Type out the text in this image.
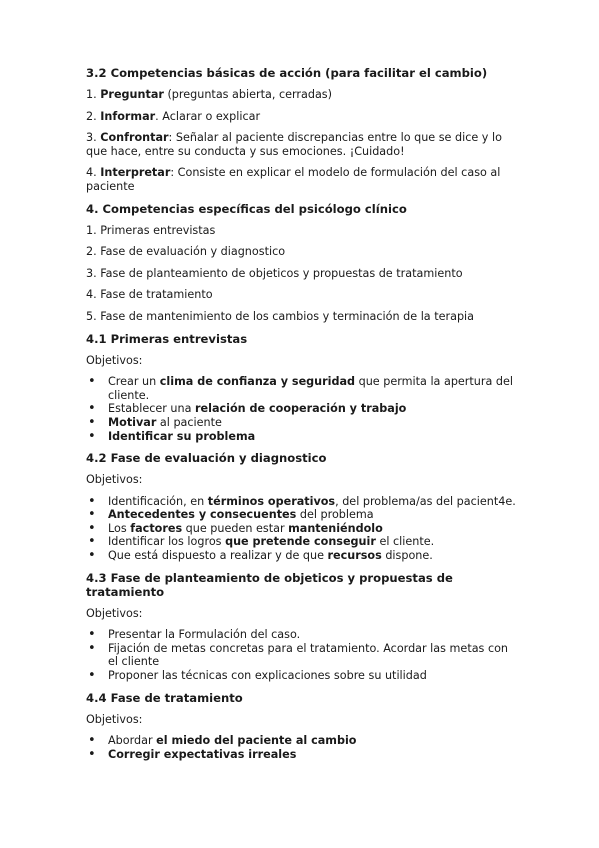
3.2 Competencias básicas de acción (para facilitar el cambio)

1. Preguntar (preguntas abierta, cerradas)

2. Informar. Aclarar o explicar

3. Confrontar: Señalar al paciente discrepancias entre lo que se dice y lo que hace, entre su conducta y sus emociones. ¡Cuidado!

4. Interpretar: Consiste en explicar el modelo de formulación del caso al paciente

4. Competencias específicas del psicólogo clínico

1. Primeras entrevistas

2. Fase de evaluación y diagnostico

3. Fase de planteamiento de objeticos y propuestas de tratamiento

4. Fase de tratamiento

5. Fase de mantenimiento de los cambios y terminación de la terapia

4.1 Primeras entrevistas

Objetivos:

• Crear un clima de confianza y seguridad que permita la apertura del cliente.
• Establecer una relación de cooperación y trabajo
• Motivar al paciente
• Identificar su problema
4.2 Fase de evaluación y diagnostico

Objetivos:

• Identificación, en términos operativos, del problema/as del pacient4e.
• Antecedentes y consecuentes del problema
• Los factores que pueden estar manteniéndolo
• Identificar los logros que pretende conseguir el cliente.
• Que está dispuesto a realizar y de que recursos dispone.
4.3 Fase de planteamiento de objeticos y propuestas de tratamiento

Objetivos:

• Presentar la Formulación del caso.
• Fijación de metas concretas para el tratamiento. Acordar las metas con el cliente
• Proponer las técnicas con explicaciones sobre su utilidad
4.4 Fase de tratamiento

Objetivos:

• Abordar el miedo del paciente al cambio
• Corregir expectativas irreales
